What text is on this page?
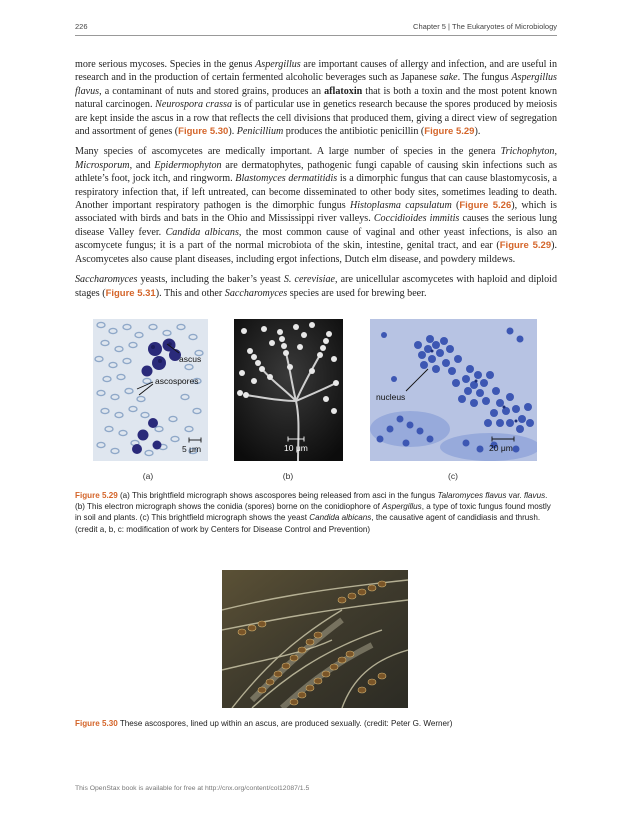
226	Chapter 5 | The Eukaryotes of Microbiology

more serious mycoses. Species in the genus Aspergillus are important causes of allergy and infection, and are useful in research and in the production of certain fermented alcoholic beverages such as Japanese sake. The fungus Aspergillus flavus, a contaminant of nuts and stored grains, produces an aflatoxin that is both a toxin and the most potent known natural carcinogen. Neurospora crassa is of particular use in genetics research because the spores produced by meiosis are kept inside the ascus in a row that reflects the cell divisions that produced them, giving a direct view of segregation and assortment of genes (Figure 5.30). Penicillium produces the antibiotic penicillin (Figure 5.29).

Many species of ascomycetes are medically important. A large number of species in the genera Trichophyton, Microsporum, and Epidermophyton are dermatophytes, pathogenic fungi capable of causing skin infections such as athlete’s foot, jock itch, and ringworm. Blastomyces dermatitidis is a dimorphic fungus that can cause blastomycosis, a respiratory infection that, if left untreated, can become disseminated to other body sites, sometimes leading to death. Another important respiratory pathogen is the dimorphic fungus Histoplasma capsulatum (Figure 5.26), which is associated with birds and bats in the Ohio and Mississippi river valleys. Coccidioides immitis causes the serious lung disease Valley fever. Candida albicans, the most common cause of vaginal and other yeast infections, is also an ascomycete fungus; it is a part of the normal microbiota of the skin, intestine, genital tract, and ear (Figure 5.29). Ascomycetes also cause plant diseases, including ergot infections, Dutch elm disease, and powdery mildews.

Saccharomyces yeasts, including the baker’s yeast S. cerevisiae, are unicellular ascomycetes with haploid and diploid stages (Figure 5.31). This and other Saccharomyces species are used for brewing beer.

ascus
ascospores
5 μm
(a)
10 μm
(b)
nucleus
20 μm
(c)
Figure 5.29 (a) This brightfield micrograph shows ascospores being released from asci in the fungus Talaromyces flavus var. flavus. (b) This electron micrograph shows the conidia (spores) borne on the conidiophore of Aspergillus, a type of toxic fungus found mostly in soil and plants. (c) This brightfield micrograph shows the yeast Candida albicans, the causative agent of candidiasis and thrush. (credit a, b, c: modification of work by Centers for Disease Control and Prevention)
Figure 5.30 These ascospores, lined up within an ascus, are produced sexually. (credit: Peter G. Werner)
This OpenStax book is available for free at http://cnx.org/content/col12087/1.5
